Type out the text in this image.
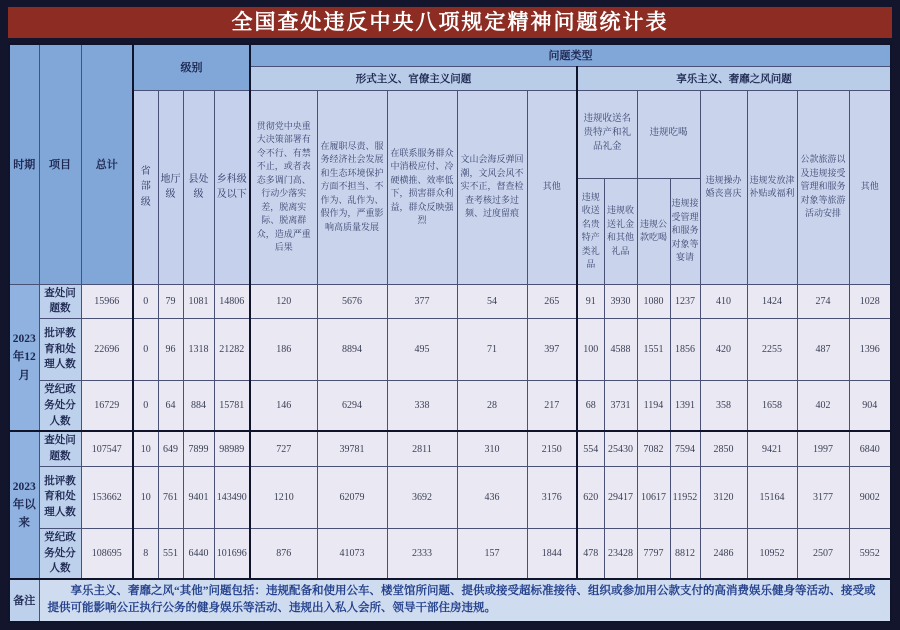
全国查处违反中央八项规定精神问题统计表
时期	项目	总计	级别				问题类型												
							形式主义、官僚主义问题					享乐主义、奢靡之风问题							
			省部级	地厅级	县处级	乡科级及以下	贯彻党中央重大决策部署有令不行、有禁不止，或者表态多调门高、行动少落实差，脱离实际、脱离群众，造成严重后果	在履职尽责、服务经济社会发展和生态环境保护方面不担当、不作为、乱作为、假作为，严重影响高质量发展	在联系服务群众中消极应付、冷硬横推、效率低下，损害群众利益，群众反映强烈	文山会海反弹回潮，文风会风不实不正，督查检查考核过多过频、过度留痕	其他	违规收送名贵特产和礼品礼金		违规吃喝		违规操办婚丧喜庆	违规发放津补贴或福利	公款旅游以及违规接受管理和服务对象等旅游活动安排	其他
												违规收送名贵特产类礼品	违规收送礼金和其他礼品	违规公款吃喝	违规接受管理和服务对象等宴请				
2023年12月	查处问题数	15966	0	79	1081	14806	120	5676	377	54	265	91	3930	1080	1237	410	1424	274	1028
	批评教育和处理人数	22696	0	96	1318	21282	186	8894	495	71	397	100	4588	1551	1856	420	2255	487	1396
	党纪政务处分人数	16729	0	64	884	15781	146	6294	338	28	217	68	3731	1194	1391	358	1658	402	904
2023年以来	查处问题数	107547	10	649	7899	98989	727	39781	2811	310	2150	554	25430	7082	7594	2850	9421	1997	6840
	批评教育和处理人数	153662	10	761	9401	143490	1210	62079	3692	436	3176	620	29417	10617	11952	3120	15164	3177	9002
	党纪政务处分人数	108695	8	551	6440	101696	876	41073	2333	157	1844	478	23428	7797	8812	2486	10952	2507	5952
备注	享乐主义、奢靡之风“其他”问题包括：违规配备和使用公车、楼堂馆所问题、提供或接受超标准接待、组织或参加用公款支付的高消费娱乐健身等活动、接受或提供可能影响公正执行公务的健身娱乐等活动、违规出入私人会所、领导干部住房违规。																		
